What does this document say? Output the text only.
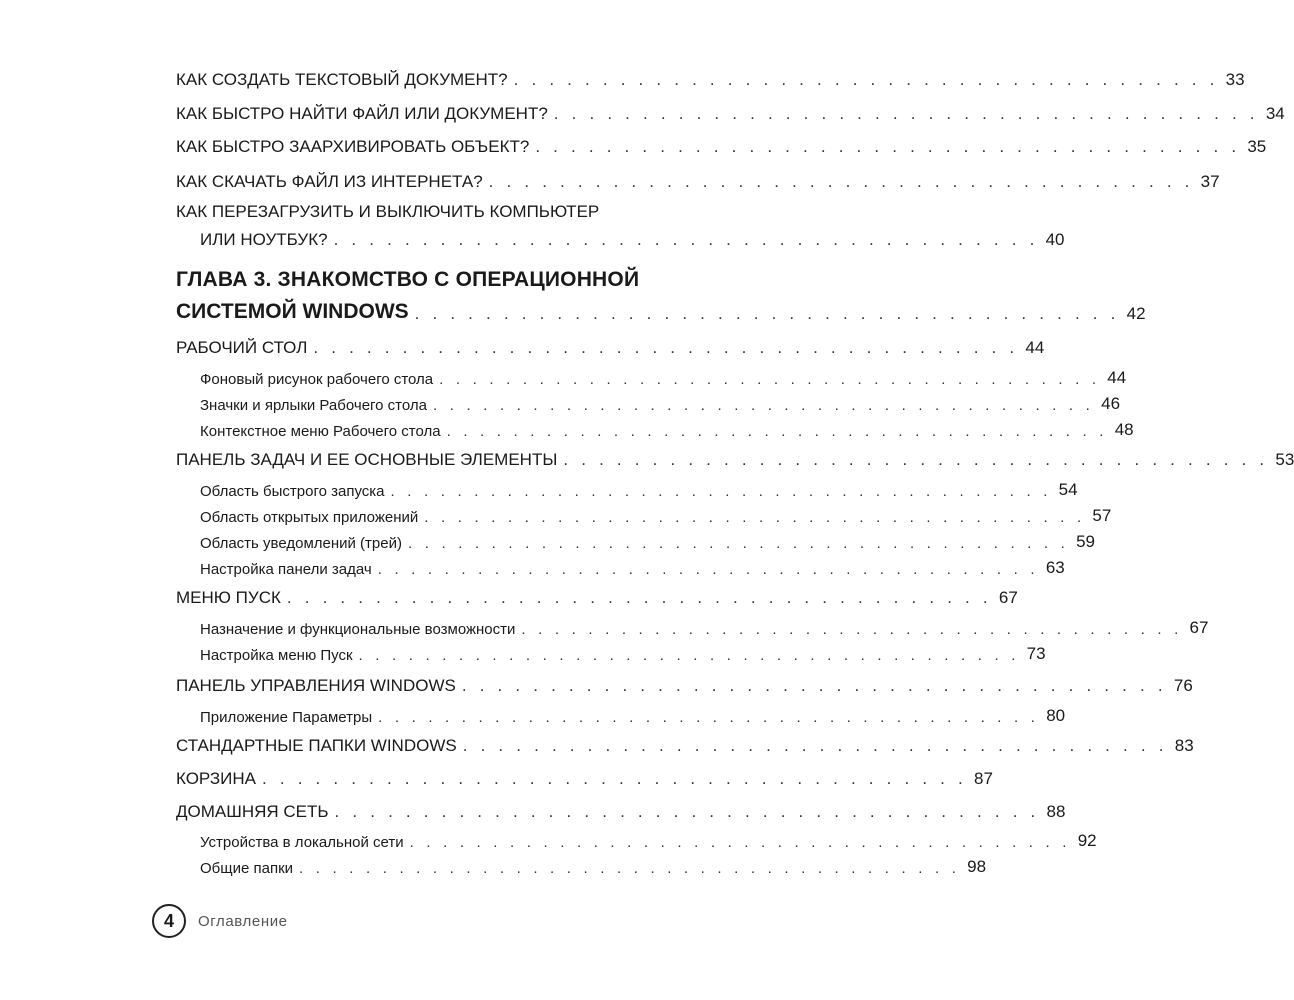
КАК СОЗДАТЬ ТЕКСТОВЫЙ ДОКУМЕНТ? . . . . . . . . . . . . . . . . . . . . . . . . . . . . . . . . . . . . . . . . 33
КАК БЫСТРО НАЙТИ ФАЙЛ ИЛИ ДОКУМЕНТ? . . . . . . . . . . . . . . . . . . . . . . . . . . . . . . . . . . . . . . . . 34
КАК БЫСТРО ЗААРХИВИРОВАТЬ ОБЪЕКТ? . . . . . . . . . . . . . . . . . . . . . . . . . . . . . . . . . . . . . . . . 35
КАК СКАЧАТЬ ФАЙЛ ИЗ ИНТЕРНЕТА? . . . . . . . . . . . . . . . . . . . . . . . . . . . . . . . . . . . . . . . . 37
КАК ПЕРЕЗАГРУЗИТЬ И ВЫКЛЮЧИТЬ КОМПЬЮТЕР
ИЛИ НОУТБУК? . . . . . . . . . . . . . . . . . . . . . . . . . . . . . . . . . . . . . . . . 40
ГЛАВА 3. ЗНАКОМСТВО С ОПЕРАЦИОННОЙ
СИСТЕМОЙ WINDOWS . . . . . . . . . . . . . . . . . . . . . . . . . . . . . . . . . . . . . . . . 42
РАБОЧИЙ СТОЛ . . . . . . . . . . . . . . . . . . . . . . . . . . . . . . . . . . . . . . . . 44
Фоновый рисунок рабочего стола . . . . . . . . . . . . . . . . . . . . . . . . . . . . . . . . . . . . . . . . 44
Значки и ярлыки Рабочего стола . . . . . . . . . . . . . . . . . . . . . . . . . . . . . . . . . . . . . . . . 46
Контекстное меню Рабочего стола . . . . . . . . . . . . . . . . . . . . . . . . . . . . . . . . . . . . . . . . 48
ПАНЕЛЬ ЗАДАЧ И ЕЕ ОСНОВНЫЕ ЭЛЕМЕНТЫ . . . . . . . . . . . . . . . . . . . . . . . . . . . . . . . . . . . . . . . . 53
Область быстрого запуска . . . . . . . . . . . . . . . . . . . . . . . . . . . . . . . . . . . . . . . . 54
Область открытых приложений . . . . . . . . . . . . . . . . . . . . . . . . . . . . . . . . . . . . . . . . 57
Область уведомлений (трей) . . . . . . . . . . . . . . . . . . . . . . . . . . . . . . . . . . . . . . . . 59
Настройка панели задач . . . . . . . . . . . . . . . . . . . . . . . . . . . . . . . . . . . . . . . . 63
МЕНЮ ПУСК . . . . . . . . . . . . . . . . . . . . . . . . . . . . . . . . . . . . . . . . 67
Назначение и функциональные возможности . . . . . . . . . . . . . . . . . . . . . . . . . . . . . . . . . . . . . . . . 67
Настройка меню Пуск . . . . . . . . . . . . . . . . . . . . . . . . . . . . . . . . . . . . . . . . 73
ПАНЕЛЬ УПРАВЛЕНИЯ WINDOWS . . . . . . . . . . . . . . . . . . . . . . . . . . . . . . . . . . . . . . . . 76
Приложение Параметры . . . . . . . . . . . . . . . . . . . . . . . . . . . . . . . . . . . . . . . . 80
СТАНДАРТНЫЕ ПАПКИ WINDOWS . . . . . . . . . . . . . . . . . . . . . . . . . . . . . . . . . . . . . . . . 83
КОРЗИНА . . . . . . . . . . . . . . . . . . . . . . . . . . . . . . . . . . . . . . . . 87
ДОМАШНЯЯ СЕТЬ . . . . . . . . . . . . . . . . . . . . . . . . . . . . . . . . . . . . . . . . 88
Устройства в локальной сети . . . . . . . . . . . . . . . . . . . . . . . . . . . . . . . . . . . . . . . . 92
Общие папки . . . . . . . . . . . . . . . . . . . . . . . . . . . . . . . . . . . . . . . . 98
4	Оглавление
